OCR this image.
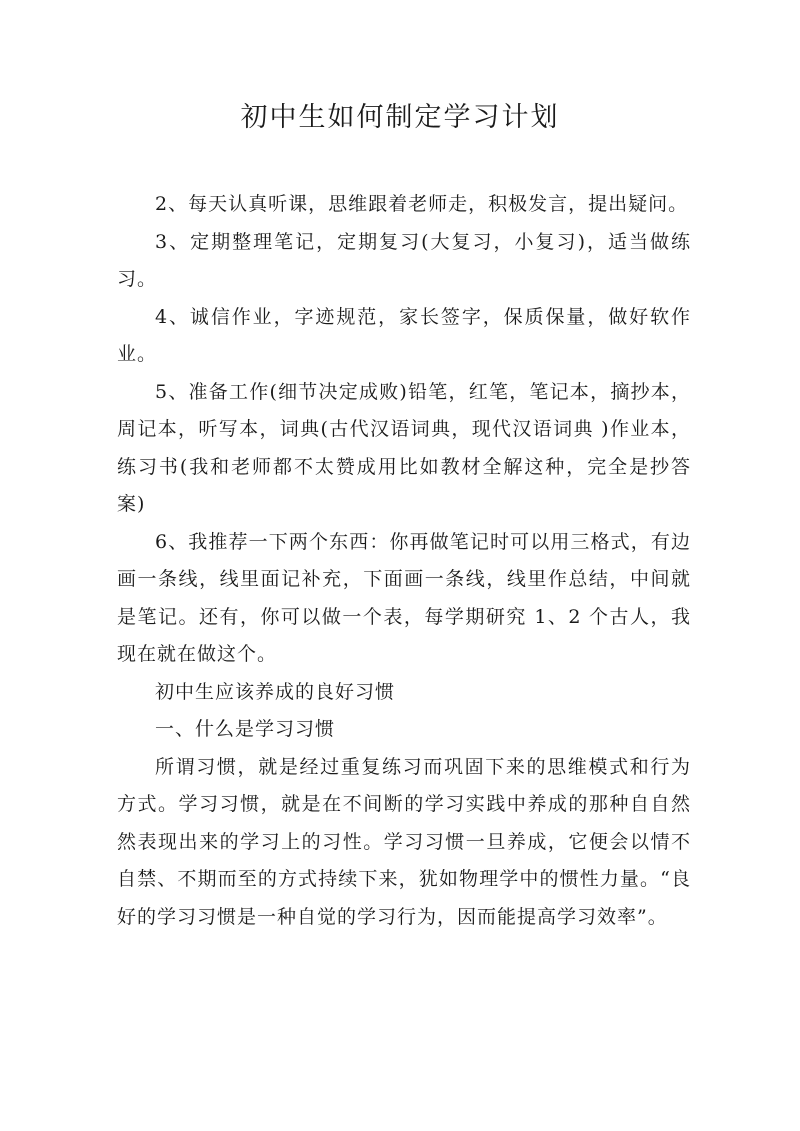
初中生如何制定学习计划

2、每天认真听课，思维跟着老师走，积极发言，提出疑问。

3、定期整理笔记，定期复习(大复习，小复习)，适当做练习。

4、诚信作业，字迹规范，家长签字，保质保量，做好软作业。

5、准备工作(细节决定成败)铅笔，红笔，笔记本，摘抄本，周记本，听写本，词典(古代汉语词典，现代汉语词典 )作业本，练习书(我和老师都不太赞成用比如教材全解这种，完全是抄答案)

6、我推荐一下两个东西：你再做笔记时可以用三格式，有边画一条线，线里面记补充，下面画一条线，线里作总结，中间就是笔记。还有，你可以做一个表，每学期研究 1、2 个古人，我现在就在做这个。

初中生应该养成的良好习惯

一、什么是学习习惯

所谓习惯，就是经过重复练习而巩固下来的思维模式和行为方式。学习习惯，就是在不间断的学习实践中养成的那种自自然然表现出来的学习上的习性。学习习惯一旦养成，它便会以情不自禁、不期而至的方式持续下来，犹如物理学中的惯性力量。“良好的学习习惯是一种自觉的学习行为，因而能提高学习效率”。
